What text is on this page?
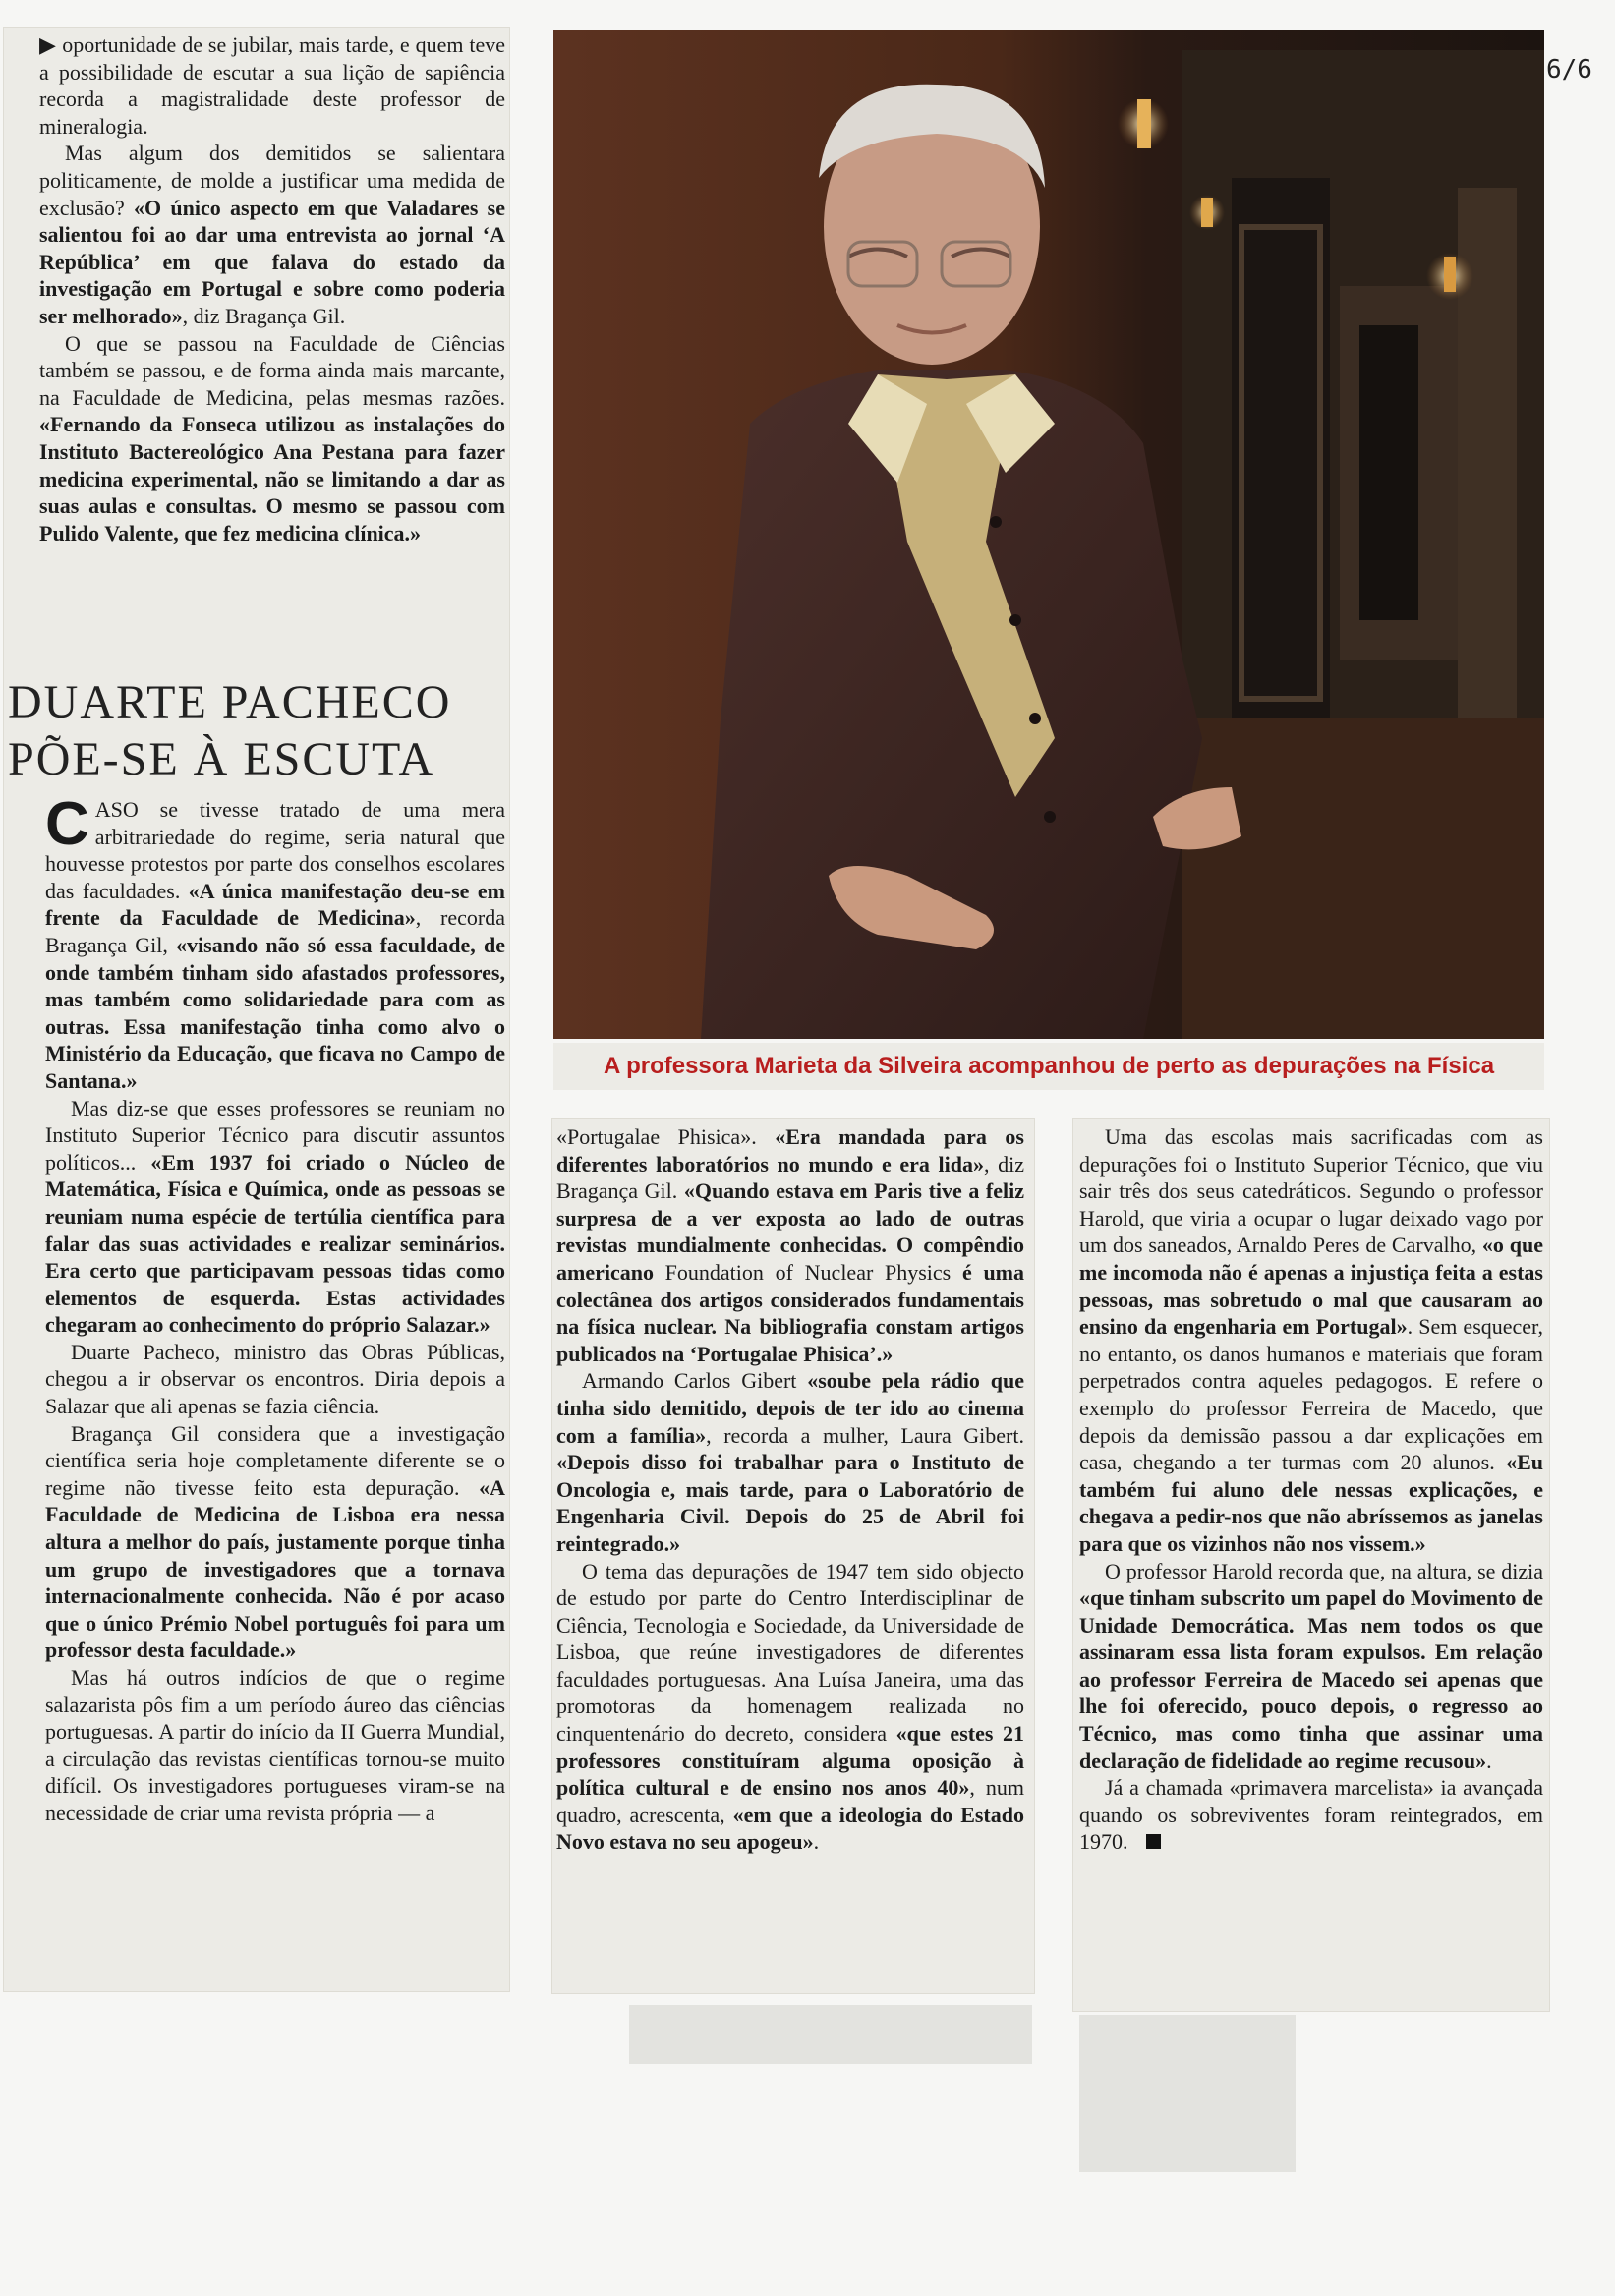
6/6
A professora Marieta da Silveira acompanhou de perto as depurações na Física

▶ oportunidade de se jubilar, mais tarde, e quem teve a possibilidade de escutar a sua lição de sapiência recorda a magistralidade deste professor de mineralogia.

Mas algum dos demitidos se salientara politicamente, de molde a justificar uma medida de exclusão? «O único aspecto em que Valadares se salientou foi ao dar uma entrevista ao jornal ‘A República’ em que falava do estado da investigação em Portugal e sobre como poderia ser melhorado», diz Bragança Gil.

O que se passou na Faculdade de Ciências também se passou, e de forma ainda mais marcante, na Faculdade de Medicina, pelas mesmas razões. «Fernando da Fonseca utilizou as instalações do Instituto Bactereológico Ana Pestana para fazer medicina experimental, não se limitando a dar as suas aulas e consultas. O mesmo se passou com Pulido Valente, que fez medicina clínica.»

DUARTE PACHECO PÕE-SE À ESCUTA

CASO se tivesse tratado de uma mera arbitrariedade do regime, seria natural que houvesse protestos por parte dos conselhos escolares das faculdades. «A única manifestação deu-se em frente da Faculdade de Medicina», recorda Bragança Gil, «visando não só essa faculdade, de onde também tinham sido afastados professores, mas também como solidariedade para com as outras. Essa manifestação tinha como alvo o Ministério da Educação, que ficava no Campo de Santana.»

Mas diz-se que esses professores se reuniam no Instituto Superior Técnico para discutir assuntos políticos... «Em 1937 foi criado o Núcleo de Matemática, Física e Química, onde as pessoas se reuniam numa espécie de tertúlia científica para falar das suas actividades e realizar seminários. Era certo que participavam pessoas tidas como elementos de esquerda. Estas actividades chegaram ao conhecimento do próprio Salazar.»

Duarte Pacheco, ministro das Obras Públicas, chegou a ir observar os encontros. Diria depois a Salazar que ali apenas se fazia ciência.

Bragança Gil considera que a investigação científica seria hoje completamente diferente se o regime não tivesse feito esta depuração. «A Faculdade de Medicina de Lisboa era nessa altura a melhor do país, justamente porque tinha um grupo de investigadores que a tornava internacionalmente conhecida. Não é por acaso que o único Prémio Nobel português foi para um professor desta faculdade.»

Mas há outros indícios de que o regime salazarista pôs fim a um período áureo das ciências portuguesas. A partir do início da II Guerra Mundial, a circulação das revistas científicas tornou-se muito difícil. Os investigadores portugueses viram-se na necessidade de criar uma revista própria — a

«Portugalae Phisica». «Era mandada para os diferentes laboratórios no mundo e era lida», diz Bragança Gil. «Quando estava em Paris tive a feliz surpresa de a ver exposta ao lado de outras revistas mundialmente conhecidas. O compêndio americano Foundation of Nuclear Physics é uma colectânea dos artigos considerados fundamentais na física nuclear. Na bibliografia constam artigos publicados na ‘Portugalae Phisica’.»

Armando Carlos Gibert «soube pela rádio que tinha sido demitido, depois de ter ido ao cinema com a família», recorda a mulher, Laura Gibert. «Depois disso foi trabalhar para o Instituto de Oncologia e, mais tarde, para o Laboratório de Engenharia Civil. Depois do 25 de Abril foi reintegrado.»

O tema das depurações de 1947 tem sido objecto de estudo por parte do Centro Interdisciplinar de Ciência, Tecnologia e Sociedade, da Universidade de Lisboa, que reúne investigadores de diferentes faculdades portuguesas. Ana Luísa Janeira, uma das promotoras da homenagem realizada no cinquentenário do decreto, considera «que estes 21 professores constituíram alguma oposição à política cultural e de ensino nos anos 40», num quadro, acrescenta, «em que a ideologia do Estado Novo estava no seu apogeu».

Uma das escolas mais sacrificadas com as depurações foi o Instituto Superior Técnico, que viu sair três dos seus catedráticos. Segundo o professor Harold, que viria a ocupar o lugar deixado vago por um dos saneados, Arnaldo Peres de Carvalho, «o que me incomoda não é apenas a injustiça feita a estas pessoas, mas sobretudo o mal que causaram ao ensino da engenharia em Portugal». Sem esquecer, no entanto, os danos humanos e materiais que foram perpetrados contra aqueles pedagogos. E refere o exemplo do professor Ferreira de Macedo, que depois da demissão passou a dar explicações em casa, chegando a ter turmas com 20 alunos. «Eu também fui aluno dele nessas explicações, e chegava a pedir-nos que não abríssemos as janelas para que os vizinhos não nos vissem.»

O professor Harold recorda que, na altura, se dizia «que tinham subscrito um papel do Movimento de Unidade Democrática. Mas nem todos os que assinaram essa lista foram expulsos. Em relação ao professor Ferreira de Macedo sei apenas que lhe foi oferecido, pouco depois, o regresso ao Técnico, mas como tinha que assinar uma declaração de fidelidade ao regime recusou».

Já a chamada «primavera marcelista» ia avançada quando os sobreviventes foram reintegrados, em 1970.
